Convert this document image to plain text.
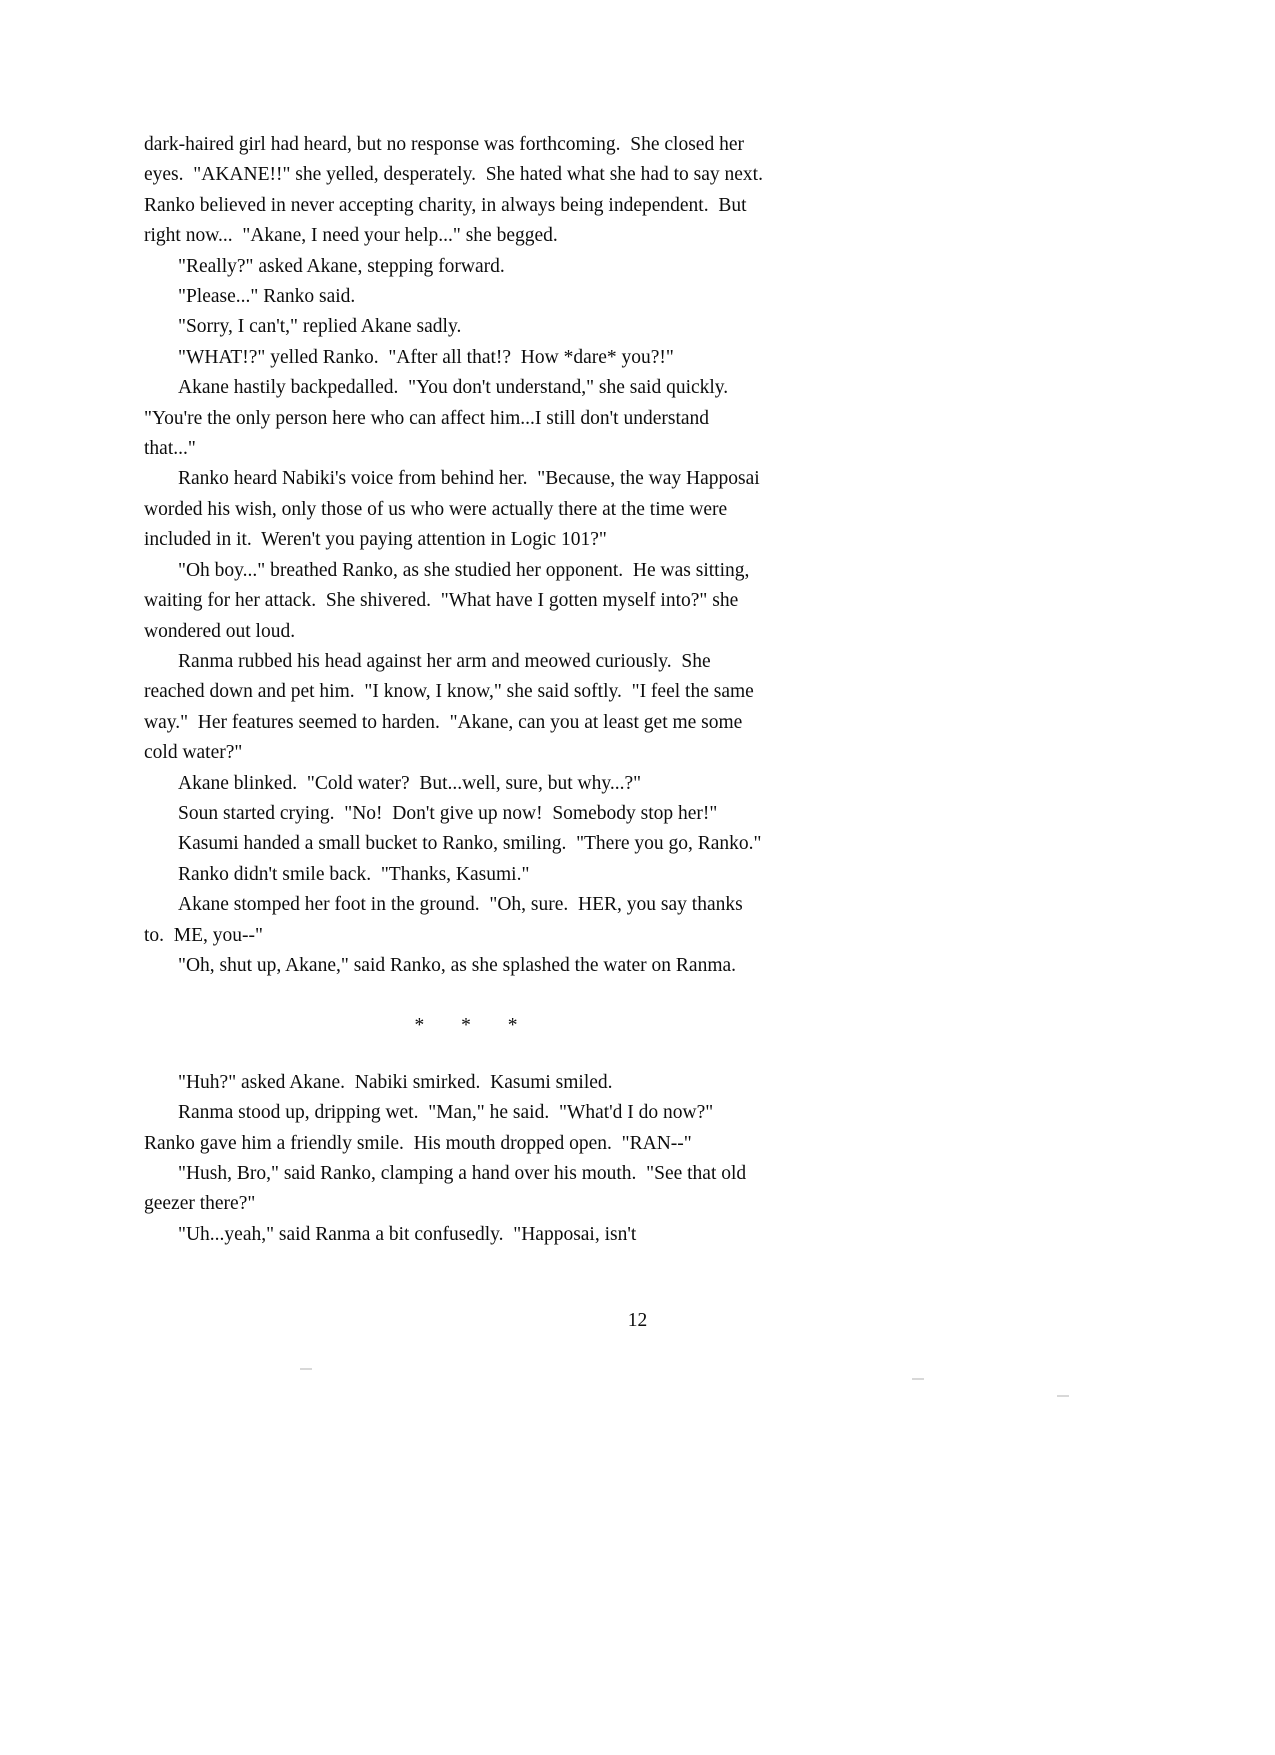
dark-haired girl had heard, but no response was forthcoming.  She closed her eyes.  "AKANE!!" she yelled, desperately.  She hated what she had to say next.  Ranko believed in never accepting charity, in always being independent.  But right now...  "Akane, I need your help..." she begged.

"Really?" asked Akane, stepping forward.

"Please..." Ranko said.

"Sorry, I can't," replied Akane sadly.

"WHAT!?" yelled Ranko.  "After all that!?  How *dare* you?!"

Akane hastily backpedalled.  "You don't understand," she said quickly.  "You're the only person here who can affect him...I still don't understand that..."

Ranko heard Nabiki's voice from behind her.  "Because, the way Happosai worded his wish, only those of us who were actually there at the time were included in it.  Weren't you paying attention in Logic 101?"

"Oh boy..." breathed Ranko, as she studied her opponent.  He was sitting, waiting for her attack.  She shivered.  "What have I gotten myself into?" she wondered out loud.

Ranma rubbed his head against her arm and meowed curiously.  She reached down and pet him.  "I know, I know," she said softly.  "I feel the same way."  Her features seemed to harden.  "Akane, can you at least get me some cold water?"

Akane blinked.  "Cold water?  But...well, sure, but why...?"

Soun started crying.  "No!  Don't give up now!  Somebody stop her!"

Kasumi handed a small bucket to Ranko, smiling.  "There you go, Ranko."

Ranko didn't smile back.  "Thanks, Kasumi."

Akane stomped her foot in the ground.  "Oh, sure.  HER, you say thanks to.  ME, you--"

"Oh, shut up, Akane," said Ranko, as she splashed the water on Ranma.

* * *

"Huh?" asked Akane.  Nabiki smirked.  Kasumi smiled.

Ranma stood up, dripping wet.  "Man," he said.  "What'd I do now?"  Ranko gave him a friendly smile.  His mouth dropped open.  "RAN--"

"Hush, Bro," said Ranko, clamping a hand over his mouth.  "See that old geezer there?"

"Uh...yeah," said Ranma a bit confusedly.  "Happosai, isn't

12
